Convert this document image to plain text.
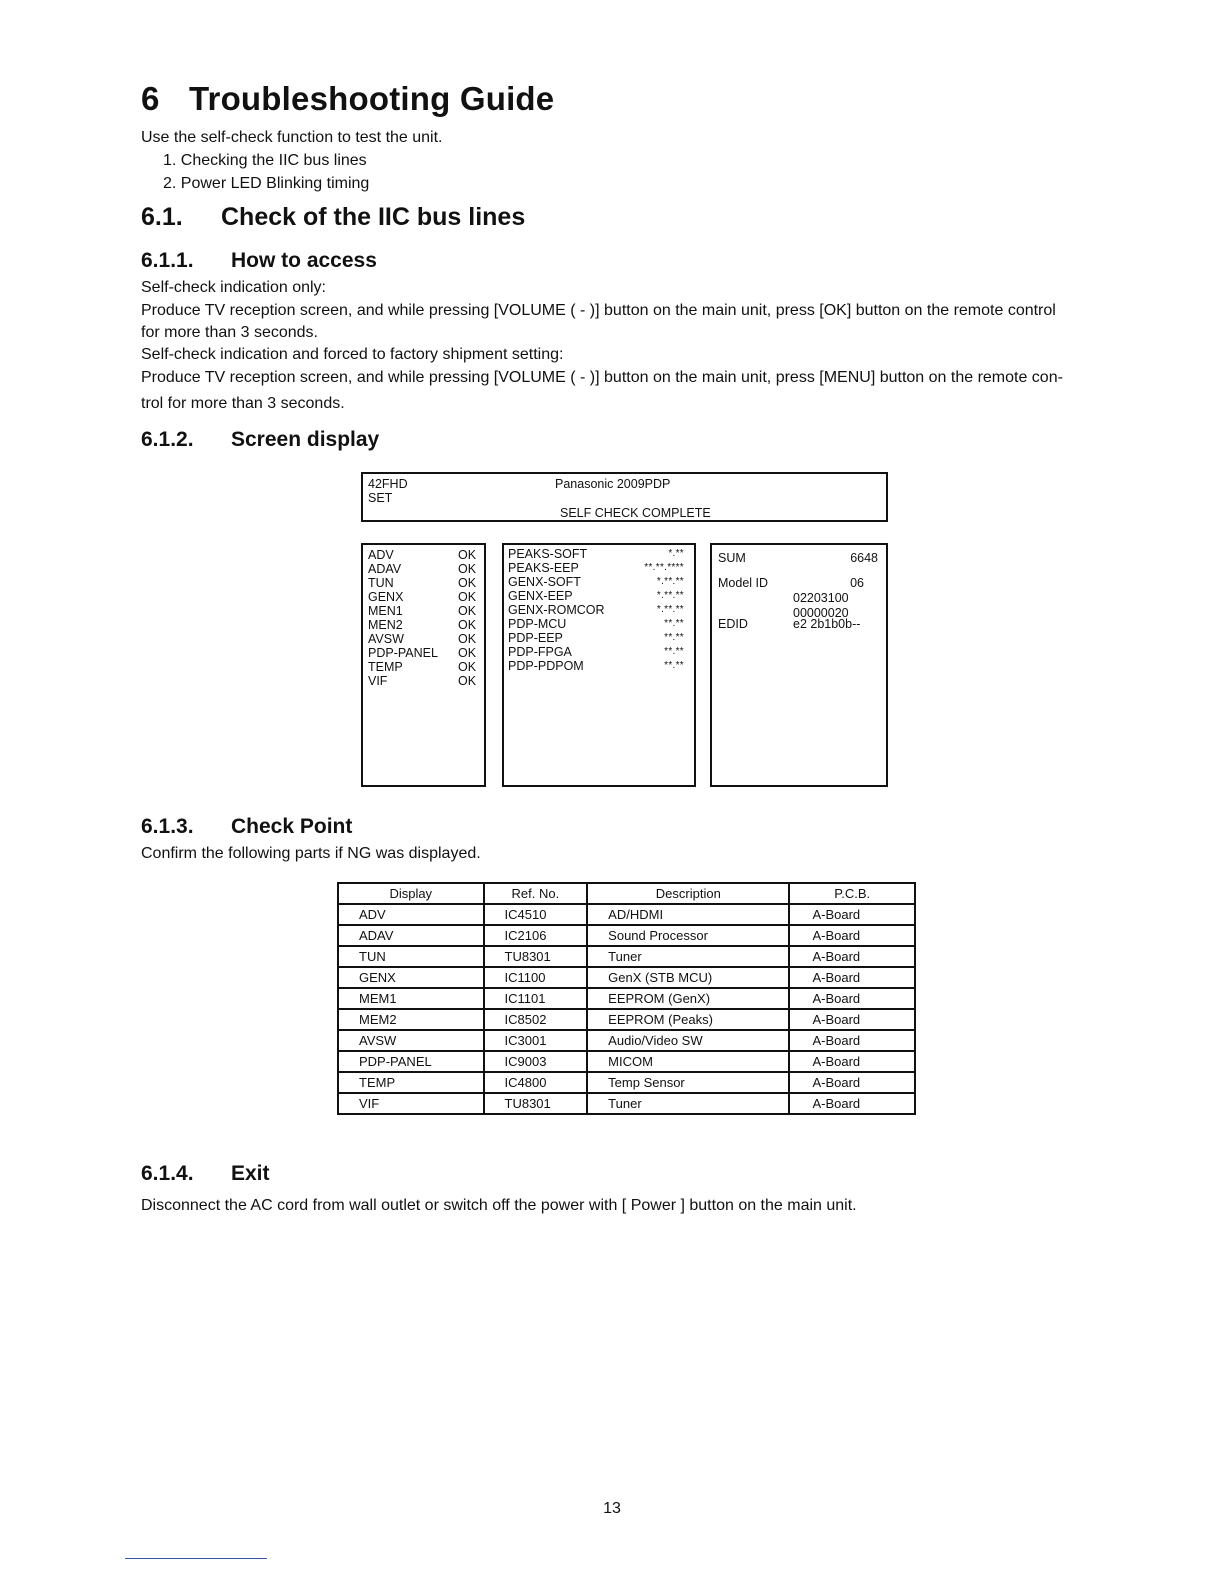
6 Troubleshooting Guide
Use the self-check function to test the unit.
1. Checking the IIC bus lines
2. Power LED Blinking timing
6.1. Check of the IIC bus lines
6.1.1. How to access
Self-check indication only:
Produce TV reception screen, and while pressing [VOLUME ( - )] button on the main unit, press [OK] button on the remote control
for more than 3 seconds.
Self-check indication and forced to factory shipment setting:
Produce TV reception screen, and while pressing [VOLUME ( - )] button on the main unit, press [MENU] button on the remote con-
trol for more than 3 seconds.
6.1.2. Screen display
42FHD
SET
Panasonic 2009PDP
SELF CHECK COMPLETE
ADV	OK
ADAV	OK
TUN	OK
GENX	OK
MEN1	OK
MEN2	OK
AVSW	OK
PDP-PANEL OK
TEMP	OK
VIF	OK
PEAKS-SOFT	*.**
PEAKS-EEP	**.**.****
GENX-SOFT	*.**.**
GENX-EEP	*.**.**
GENX-ROMCOR	*.**.**
PDP-MCU	**.**
PDP-EEP	**.**
PDP-FPGA	**.**
PDP-PDPOM	**.**
SUM	6648
Model ID	06
02203100
00000020
EDID	e2 2b1b0b--
6.1.3. Check Point
Confirm the following parts if NG was displayed.
Display	Ref. No.	Description	P.C.B.
ADV	IC4510	AD/HDMI	A-Board
ADAV	IC2106	Sound Processor	A-Board
TUN	TU8301	Tuner	A-Board
GENX	IC1100	GenX (STB MCU)	A-Board
MEM1	IC1101	EEPROM (GenX)	A-Board
MEM2	IC8502	EEPROM (Peaks)	A-Board
AVSW	IC3001	Audio/Video SW	A-Board
PDP-PANEL	IC9003	MICOM	A-Board
TEMP	IC4800	Temp Sensor	A-Board
VIF	TU8301	Tuner	A-Board
6.1.4. Exit
Disconnect the AC cord from wall outlet or switch off the power with [ Power ] button on the main unit.
13
